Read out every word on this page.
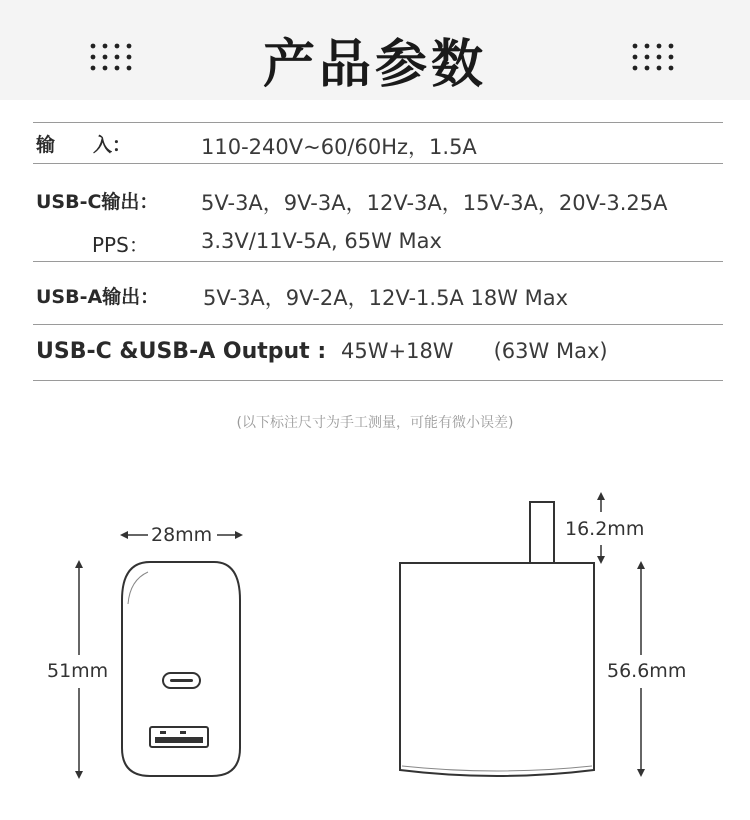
产品参数
输　　入：	110-240V~60/60Hz，1.5A
USB-C输出： 5V-3A，9V-3A，12V-3A，15V-3A，20V-3.25A
PPS： 3.3V/11V-5A, 65W Max
USB-A输出： 5V-3A，9V-2A，12V-1.5A 18W Max
USB-C &USB-A Output : 45W+18W      (63W Max)
(以下标注尺寸为手工测量，可能有微小误差)
28mm
51mm
16.2mm
56.6mm
